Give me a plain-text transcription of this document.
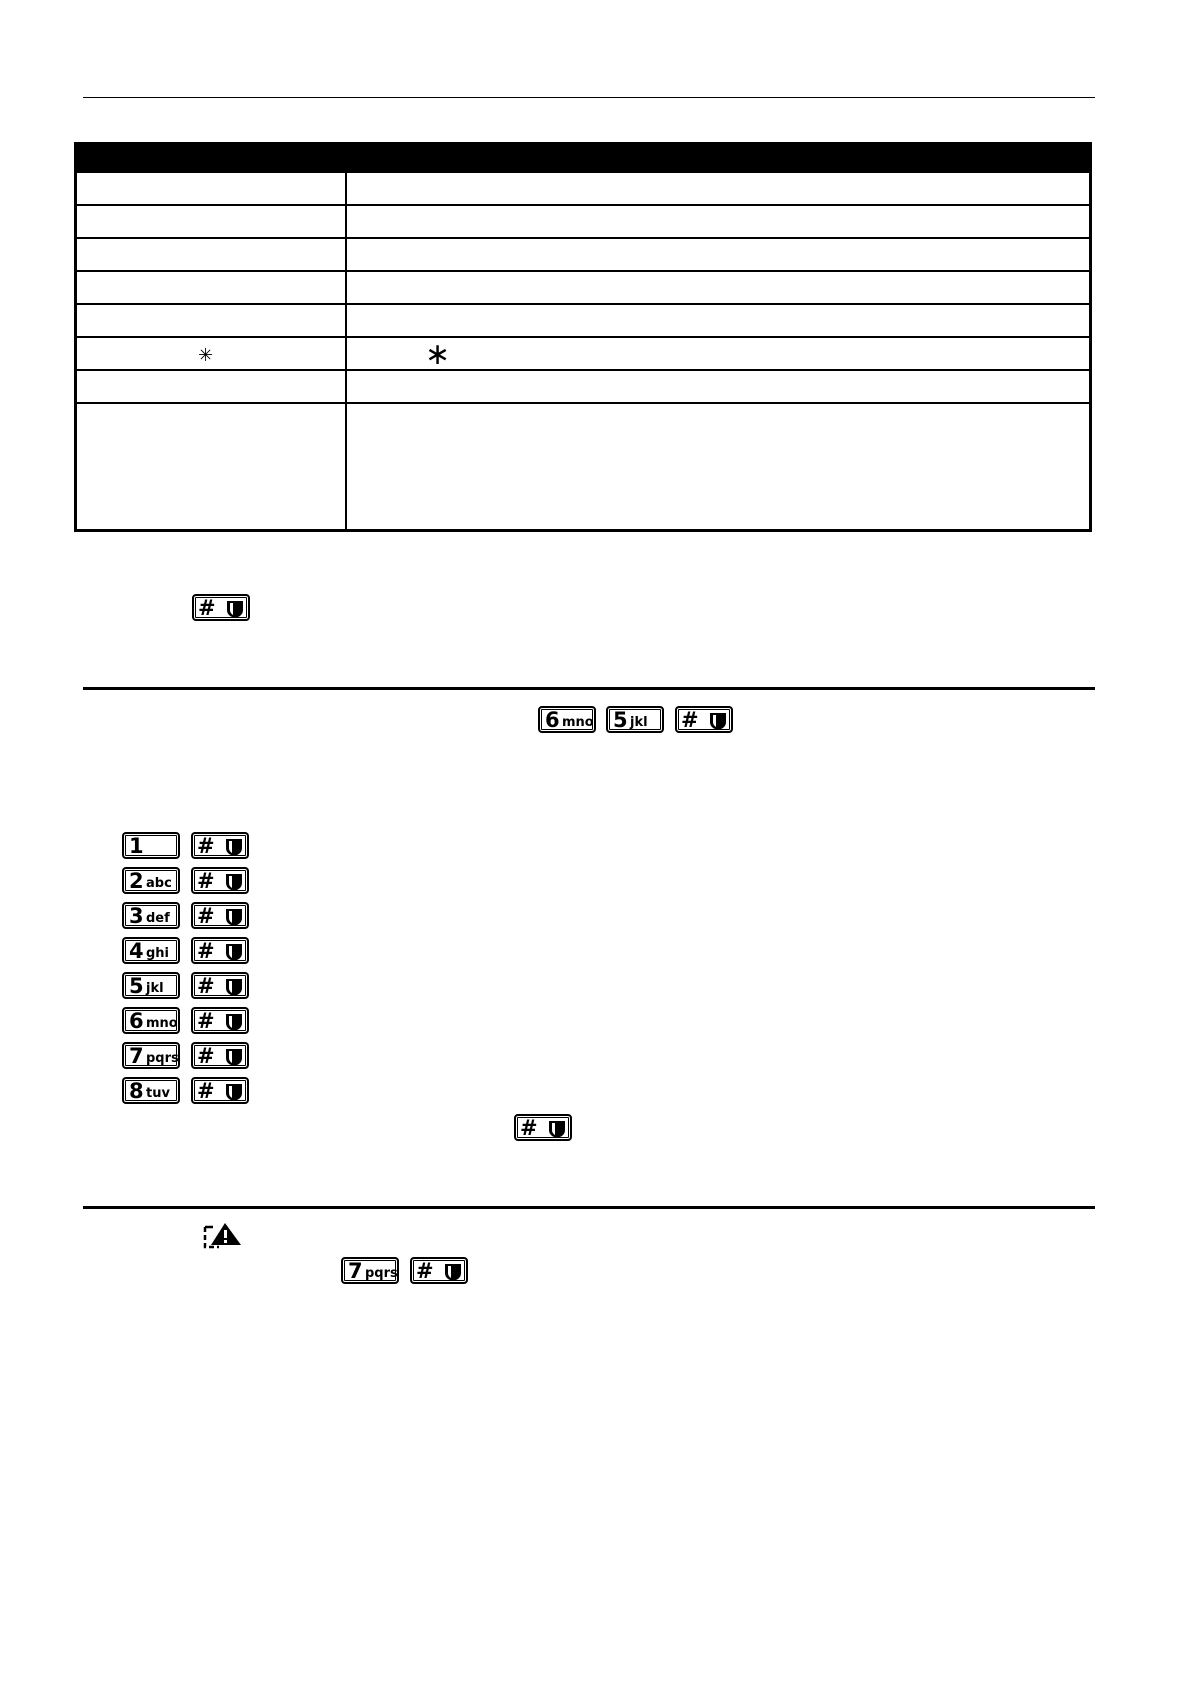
✳	∗
#
6 mno 5 jkl #
1	#
2 abc #
3 def #
4 ghi #
5 jkl #
6 mno #
7 pqrs #
8 tuv #
#
7 pqrs #
